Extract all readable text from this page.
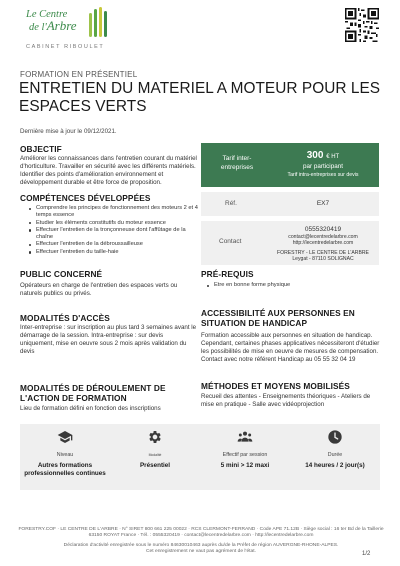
Le Centre
de l'Arbre
CABINET RIBOULET
FORMATION EN PRÉSENTIEL
ENTRETIEN DU MATERIEL A MOTEUR POUR LES ESPACES VERTS
Dernière mise à jour le 09/12/2021.
OBJECTIF
Améliorer les connaissances dans l'entretien courant du matériel d'horticulture. Travailler en sécurité avec les différents matériels. Identifier des points d'amélioration environnement et développement durable et être force de proposition.
COMPÉTENCES DÉVELOPPÉES
Comprendre les principes de fonctionnement des moteurs 2 et 4 temps essence
Etudier les éléments constitutifs du moteur essence
Effectuer l'entretien de la tronçonneuse dont l'affûtage de la chaîne
Effectuer l'entretien de la débroussailleuse
Effectuer l'entretien du taille-haie
Tarif inter-entreprises
300 € HT
par participant
Tarif intra-entreprises sur devis
Réf.	EX7
Contact
0555320419
contact@lecentredelarbre.com
http://lecentredelarbre.com
FORESTRY - LE CENTRE DE L'ARBRE
Leygat - 87110 SOLIGNAC
PUBLIC CONCERNÉ
Opérateurs en charge de l'entretien des espaces verts ou naturels publics ou privés.
PRÉ-REQUIS
Etre en bonne forme physique
MODALITÉS D'ACCÈS
Inter-entreprise : sur inscription au plus tard 3 semaines avant le démarrage de la session. Intra-entreprise : sur devis uniquement, mise en oeuvre sous 2 mois après validation du devis
ACCESSIBILITÉ AUX PERSONNES EN SITUATION DE HANDICAP
Formation accessible aux personnes en situation de handicap. Cependant, certaines phases applicatives nécessiteront d'étudier les possibilités de mise en oeuvre de mesures de compensation. Contact avec notre référent Handicap au 05 55 32 04 19
MODALITÉS DE DÉROULEMENT DE L'ACTION DE FORMATION
Lieu de formation défini en fonction des inscriptions
MÉTHODES ET MOYENS MOBILISÉS
Recueil des attentes - Enseignements théoriques - Ateliers de mise en pratique - Salle avec vidéoprojection
Niveau
Autres formations professionnelles continues
Modalité
Présentiel
Effectif par session
5 mini > 12 maxi
Durée
14 heures / 2 jour(s)
FORESTRY.COF · LE CENTRE DE L'ARBRE · N° SIRET 800 661 225 00022 · RCS CLERMONT-FERRAND · Code APE 71.12B · Siège social : 16 ter Bd de la Taillerie 63150 ROYAT France · Tél. : 0555320419 · contact@lecentredelarbre.com · http://lecentredelarbre.com
Déclaration d'activité enregistrée sous le numéro 84630010463 auprès du/de la Préfet de région AUVERGNE-RHONE-ALPES.
Cet enregistrement ne vaut pas agrément de l'état.	1/2
